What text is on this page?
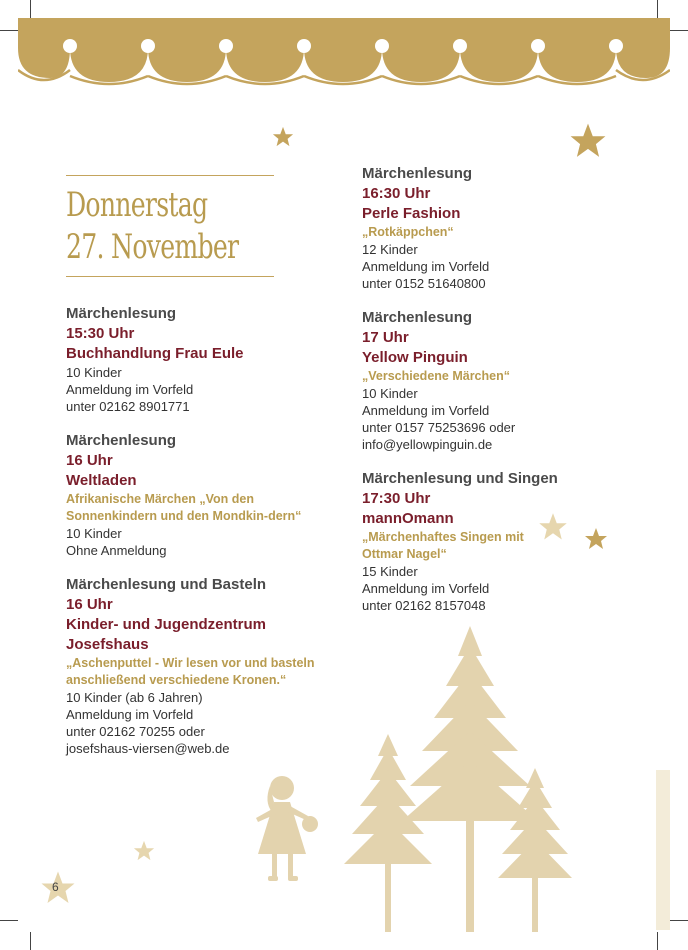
Donnerstag
27. November
Märchenlesung
15:30 Uhr
Buchhandlung Frau Eule
10 Kinder
Anmeldung im Vorfeld
unter 02162 8901771
Märchenlesung
16 Uhr
Weltladen
Afrikanische Märchen „Von den Sonnenkindern und den Mondkin-dern“
10 Kinder
Ohne Anmeldung
Märchenlesung und Basteln
16 Uhr
Kinder- und Jugendzentrum Josefshaus
„Aschenputtel - Wir lesen vor und basteln anschließend verschiedene Kronen.“
10 Kinder (ab 6 Jahren)
Anmeldung im Vorfeld
unter 02162 70255 oder
josefshaus-viersen@web.de
Märchenlesung
16:30 Uhr
Perle Fashion
„Rotkäppchen“
12 Kinder
Anmeldung im Vorfeld
unter 0152 51640800
Märchenlesung
17 Uhr
Yellow Pinguin
„Verschiedene Märchen“
10 Kinder
Anmeldung im Vorfeld
unter 0157 75253696 oder
info@yellowpinguin.de
Märchenlesung und Singen
17:30 Uhr
mannOmann
„Märchenhaftes Singen mit Ottmar Nagel“
15 Kinder
Anmeldung im Vorfeld
unter 02162 8157048
6
